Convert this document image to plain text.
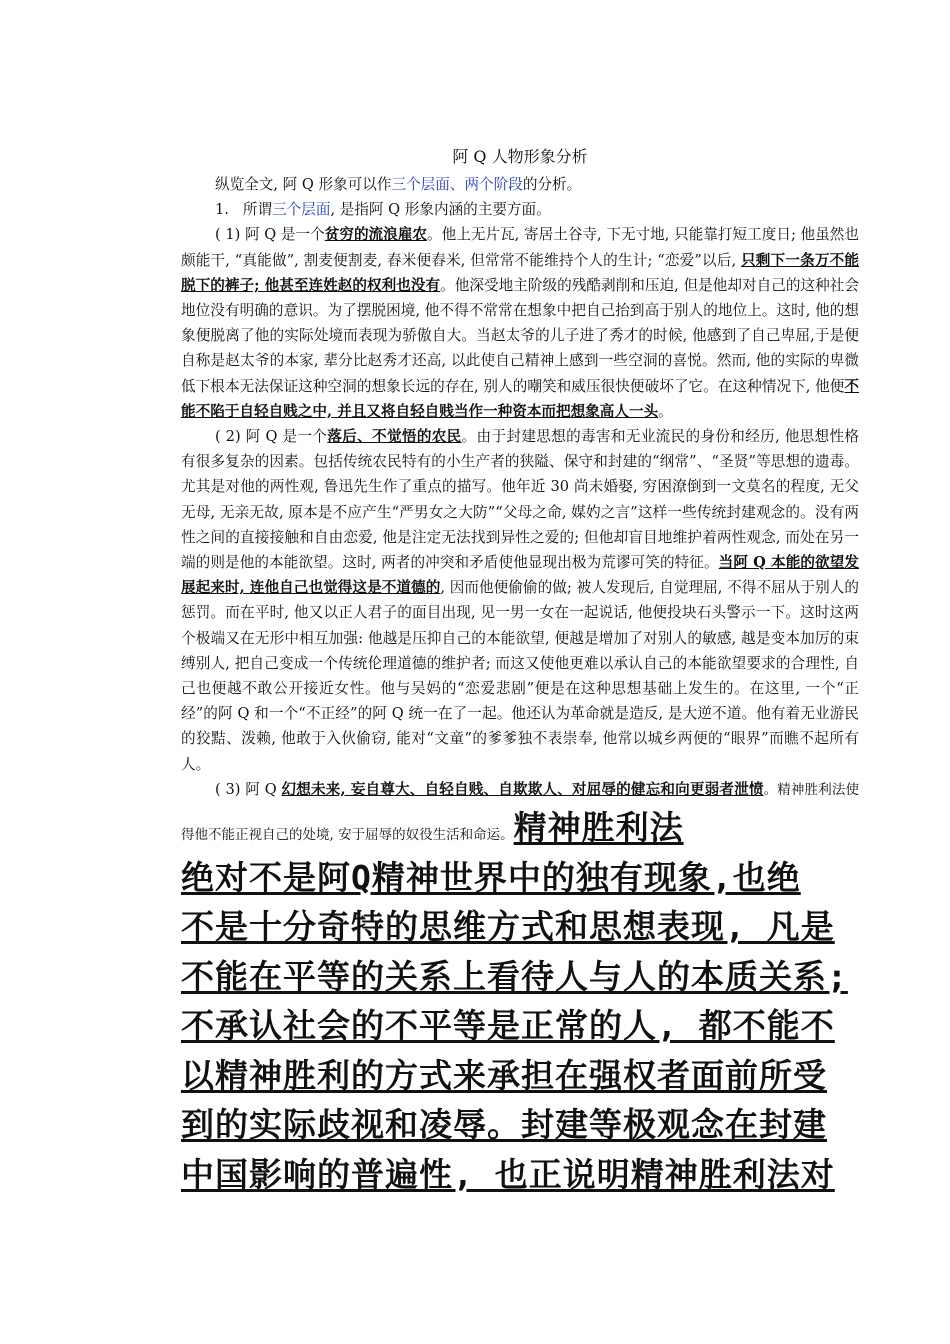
阿 Q 人物形象分析

纵览全文, 阿 Q 形象可以作三个层面、两个阶段的分析。

1. 所谓三个层面, 是指阿 Q 形象内涵的主要方面。

( 1) 阿 Q 是一个贫穷的流浪雇农。他上无片瓦, 寄居土谷寺, 下无寸地, 只能靠打短工度日; 他虽然也颇能干, “真能做”, 割麦便割麦, 舂米便舂米, 但常常不能维持个人的生计; “恋爱”以后, 只剩下一条万不能脱下的裤子; 他甚至连姓赵的权利也没有。他深受地主阶级的残酷剥削和压迫, 但是他却对自己的这种社会地位没有明确的意识。为了摆脱困境, 他不得不常常在想象中把自己抬到高于别人的地位上。这时, 他的想象便脱离了他的实际处境而表现为骄傲自大。当赵太爷的儿子进了秀才的时候, 他感到了自己卑屈,于是便自称是赵太爷的本家, 辈分比赵秀才还高, 以此使自己精神上感到一些空洞的喜悦。然而, 他的实际的卑微低下根本无法保证这种空洞的想象长远的存在, 别人的嘲笑和威压很快便破坏了它。在这种情况下, 他便不能不陷于自轻自贱之中, 并且又将自轻自贱当作一种资本而把想象高人一头。

( 2) 阿 Q 是一个落后、不觉悟的农民。由于封建思想的毒害和无业流民的身份和经历, 他思想性格有很多复杂的因素。包括传统农民特有的小生产者的狭隘、保守和封建的“纲常”、“圣贤”等思想的遗毒。尤其是对他的两性观, 鲁迅先生作了重点的描写。他年近 30 尚未婚娶, 穷困潦倒到一文莫名的程度, 无父无母, 无亲无故, 原本是不应产生“严男女之大防”“父母之命, 媒妁之言”这样一些传统封建观念的。没有两性之间的直接接触和自由恋爱, 他是注定无法找到异性之爱的; 但他却盲目地维护着两性观念, 而处在另一端的则是他的本能欲望。这时, 两者的冲突和矛盾使他显现出极为荒谬可笑的特征。当阿 Q 本能的欲望发展起来时, 连他自己也觉得这是不道德的, 因而他便偷偷的做; 被人发现后, 自觉理屈, 不得不屈从于别人的惩罚。而在平时, 他又以正人君子的面目出现, 见一男一女在一起说话, 他便投块石头警示一下。这时这两个极端又在无形中相互加强: 他越是压抑自己的本能欲望, 便越是增加了对别人的敏感, 越是变本加厉的束缚别人, 把自己变成一个传统伦理道德的维护者; 而这又使他更难以承认自己的本能欲望要求的合理性, 自己也便越不敢公开接近女性。他与吴妈的“恋爱悲剧”便是在这种思想基础上发生的。在这里, 一个“正经”的阿 Q 和一个“不正经”的阿 Q 统一在了一起。他还认为革命就是造反, 是大逆不道。他有着无业游民的狡黠、泼赖, 他敢于入伙偷窃, 能对“文童”的爹爹独不表崇奉, 他常以城乡两便的“眼界”而瞧不起所有人。

( 3) 阿 Q 幻想未来, 妄自尊大、自轻自贱、自欺欺人、对屈辱的健忘和向更弱者泄愤。精神胜利法使得他不能正视自己的处境, 安于屈辱的奴役生活和命运。精神胜利法

绝对不是阿Q精神世界中的独有现象,也绝
不是十分奇特的思维方式和思想表现, 凡是
不能在平等的关系上看待人与人的本质关系;
不承认社会的不平等是正常的人, 都不能不
以精神胜利的方式来承担在强权者面前所受
到的实际歧视和凌辱。封建等极观念在封建
中国影响的普遍性, 也正说明精神胜利法对
